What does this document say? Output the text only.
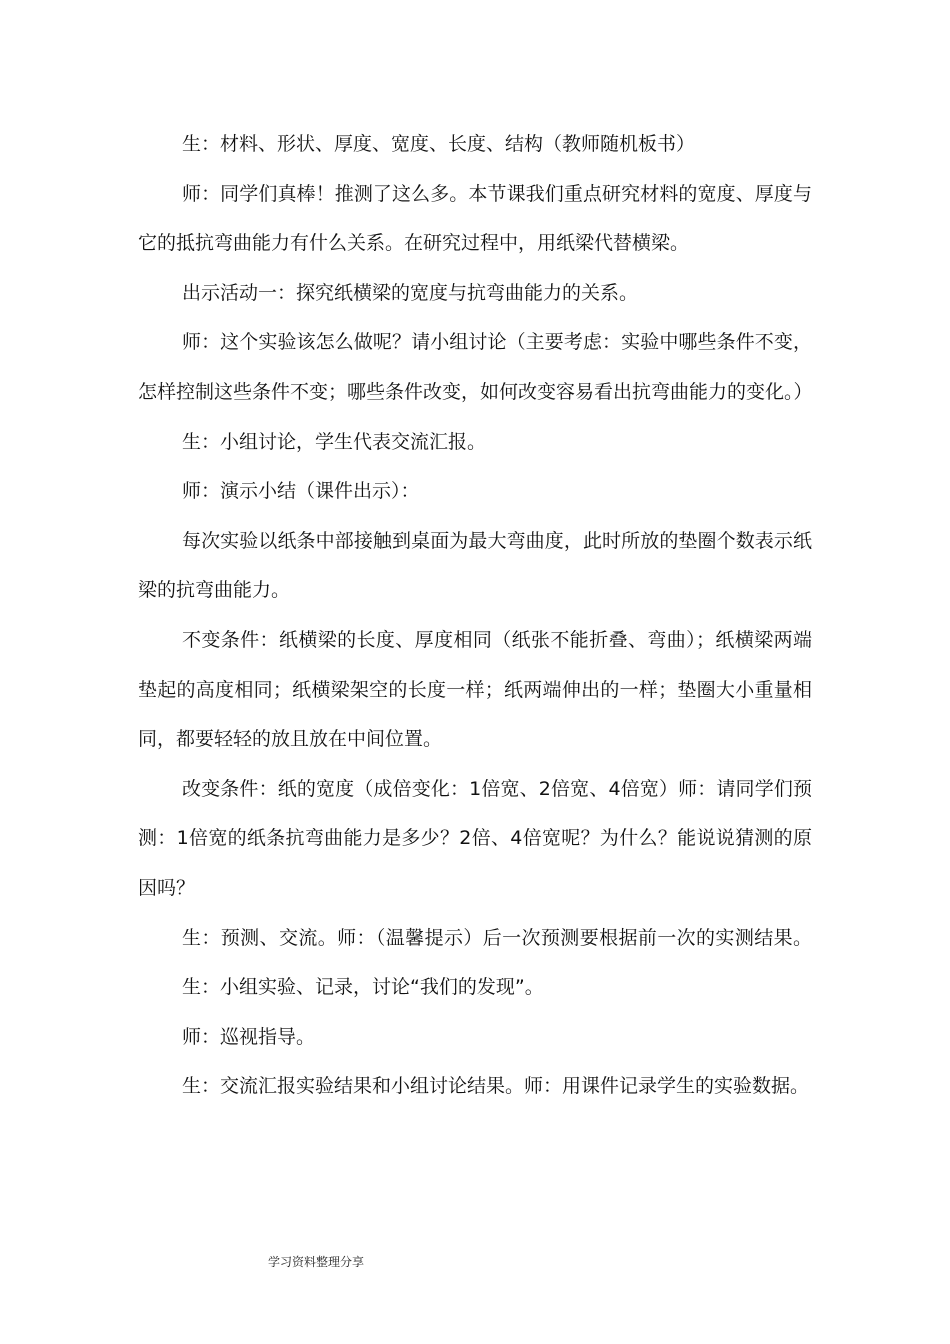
生：材料、形状、厚度、宽度、长度、结构（教师随机板书）

师：同学们真棒！推测了这么多。本节课我们重点研究材料的宽度、厚度与它的抵抗弯曲能力有什么关系。在研究过程中，用纸梁代替横梁。

出示活动一：探究纸横梁的宽度与抗弯曲能力的关系。

师：这个实验该怎么做呢？请小组讨论（主要考虑：实验中哪些条件不变，怎样控制这些条件不变；哪些条件改变，如何改变容易看出抗弯曲能力的变化。）

生：小组讨论，学生代表交流汇报。

师：演示小结（课件出示）：

每次实验以纸条中部接触到桌面为最大弯曲度，此时所放的垫圈个数表示纸梁的抗弯曲能力。

不变条件：纸横梁的长度、厚度相同（纸张不能折叠、弯曲）；纸横梁两端垫起的高度相同；纸横梁架空的长度一样；纸两端伸出的一样；垫圈大小重量相同，都要轻轻的放且放在中间位置。

改变条件：纸的宽度（成倍变化：1倍宽、2倍宽、4倍宽）师：请同学们预测：1倍宽的纸条抗弯曲能力是多少？2倍、4倍宽呢？为什么？能说说猜测的原因吗？

生：预测、交流。师：（温馨提示）后一次预测要根据前一次的实测结果。生：小组实验、记录，讨论“我们的发现”。

师：巡视指导。

生：交流汇报实验结果和小组讨论结果。师：用课件记录学生的实验数据。

学习资料整理分享
